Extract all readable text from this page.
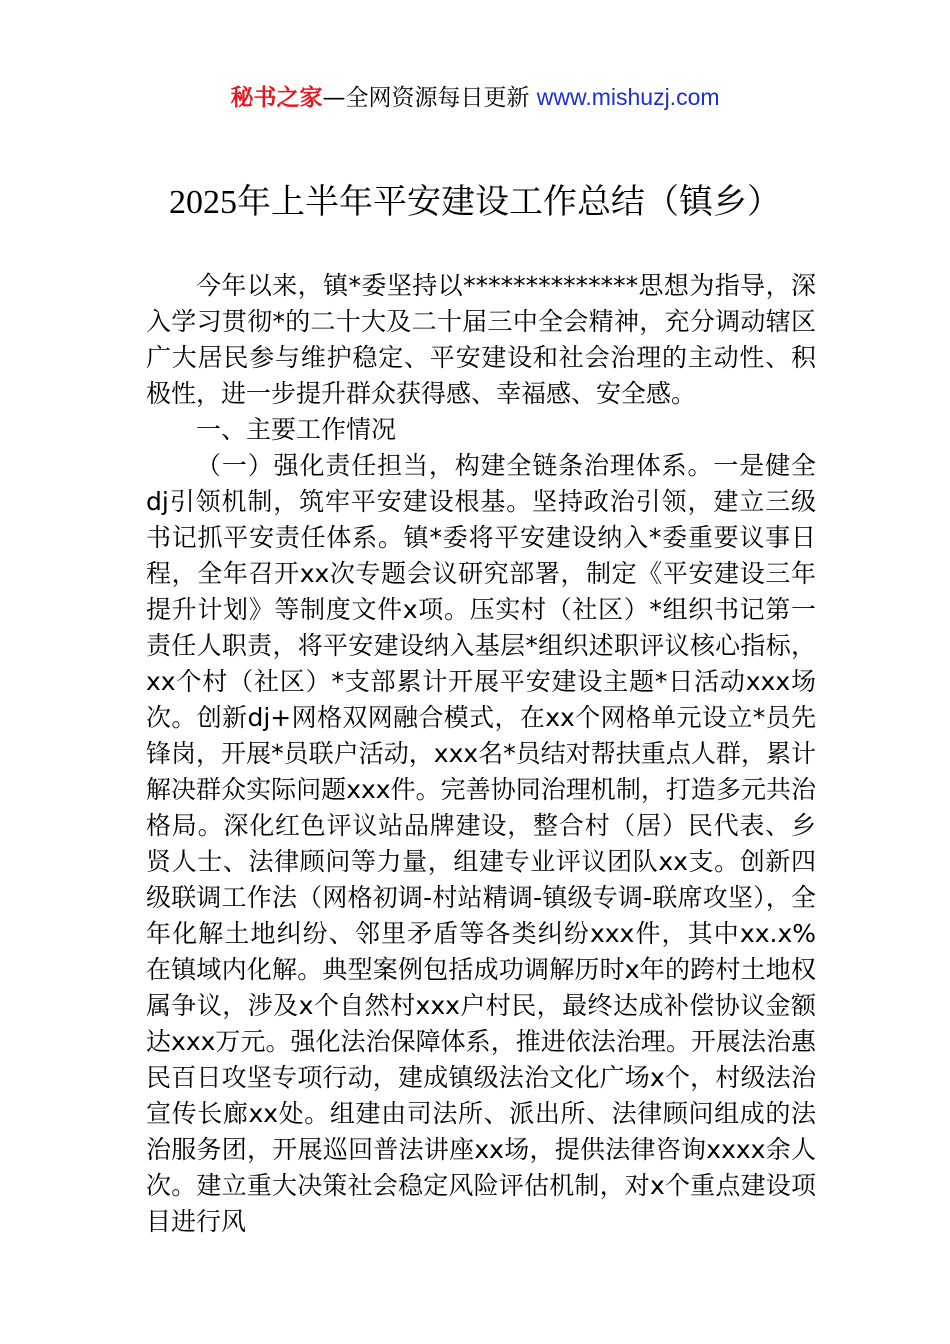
秘书之家—全网资源每日更新 www.mishuzj.com
2025年上半年平安建设工作总结（镇乡）

今年以来，镇*委坚持以**************思想为指导，深入学习贯彻*的二十大及二十届三中全会精神，充分调动辖区广大居民参与维护稳定、平安建设和社会治理的主动性、积极性，进一步提升群众获得感、幸福感、安全感。

一、主要工作情况

（一）强化责任担当，构建全链条治理体系。一是健全dj引领机制，筑牢平安建设根基。坚持政治引领，建立三级书记抓平安责任体系。镇*委将平安建设纳入*委重要议事日程，全年召开xx次专题会议研究部署，制定《平安建设三年提升计划》等制度文件x项。压实村（社区）*组织书记第一责任人职责，将平安建设纳入基层*组织述职评议核心指标，xx个村（社区）*支部累计开展平安建设主题*日活动xxx场次。创新dj+网格双网融合模式，在xx个网格单元设立*员先锋岗，开展*员联户活动，xxx名*员结对帮扶重点人群，累计解决群众实际问题xxx件。完善协同治理机制，打造多元共治格局。深化红色评议站品牌建设，整合村（居）民代表、乡贤人士、法律顾问等力量，组建专业评议团队xx支。创新四级联调工作法（网格初调-村站精调-镇级专调-联席攻坚），全年化解土地纠纷、邻里矛盾等各类纠纷xxx件，其中xx.x%在镇域内化解。典型案例包括成功调解历时x年的跨村土地权属争议，涉及x个自然村xxx户村民，最终达成补偿协议金额达xxx万元。强化法治保障体系，推进依法治理。开展法治惠民百日攻坚专项行动，建成镇级法治文化广场x个，村级法治宣传长廊xx处。组建由司法所、派出所、法律顾问组成的法治服务团，开展巡回普法讲座xx场，提供法律咨询xxxx余人次。建立重大决策社会稳定风险评估机制，对x个重点建设项目进行风
